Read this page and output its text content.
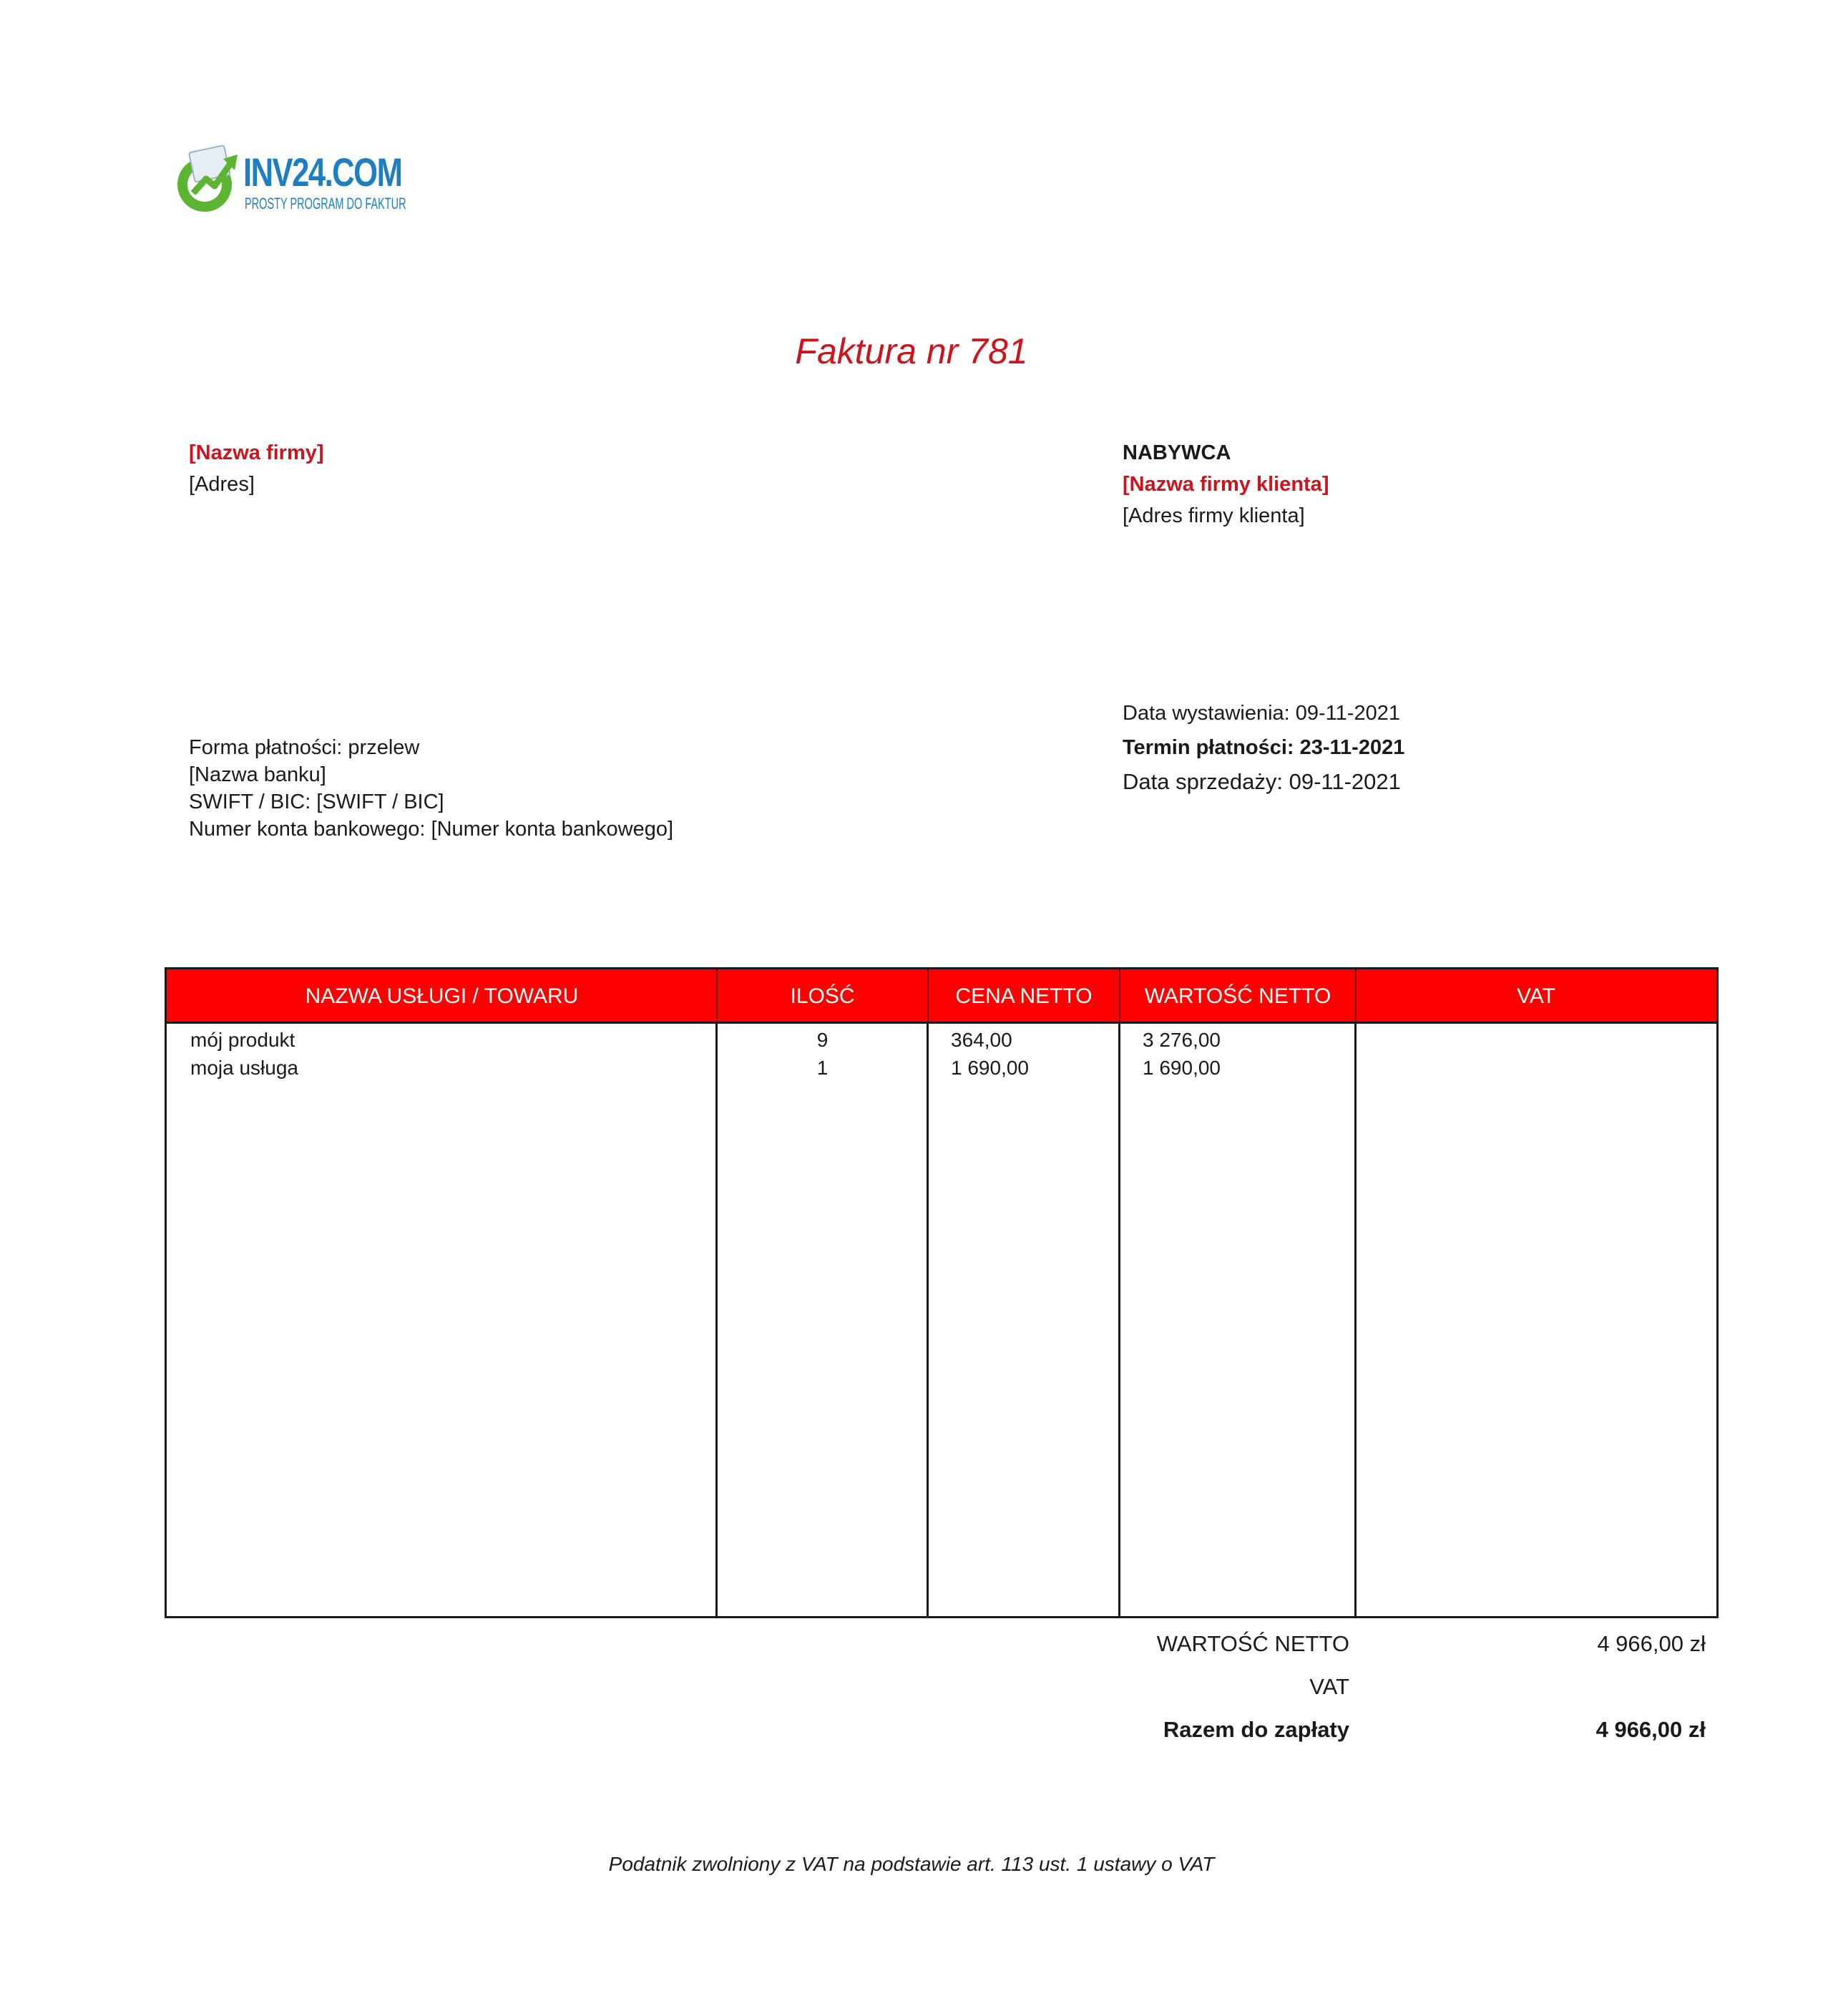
INV24.COM
PROSTY PROGRAM DO FAKTUR
Faktura nr 781
[Nazwa firmy]
[Adres]
NABYWCA
[Nazwa firmy klienta]
[Adres firmy klienta]
Forma płatności: przelew
[Nazwa banku]
SWIFT / BIC: [SWIFT / BIC]
Numer konta bankowego: [Numer konta bankowego]
Data wystawienia: 09-11-2021
Termin płatności: 23-11-2021
Data sprzedaży: 09-11-2021
NAZWA USŁUGI / TOWARU	ILOŚĆ	CENA NETTO	WARTOŚĆ NETTO	VAT
mój produkt	9	364,00	3 276,00
moja usługa	1	1 690,00	1 690,00
WARTOŚĆ NETTO	4 966,00 zł
VAT
Razem do zapłaty	4 966,00 zł
Podatnik zwolniony z VAT na podstawie art. 113 ust. 1 ustawy o VAT
